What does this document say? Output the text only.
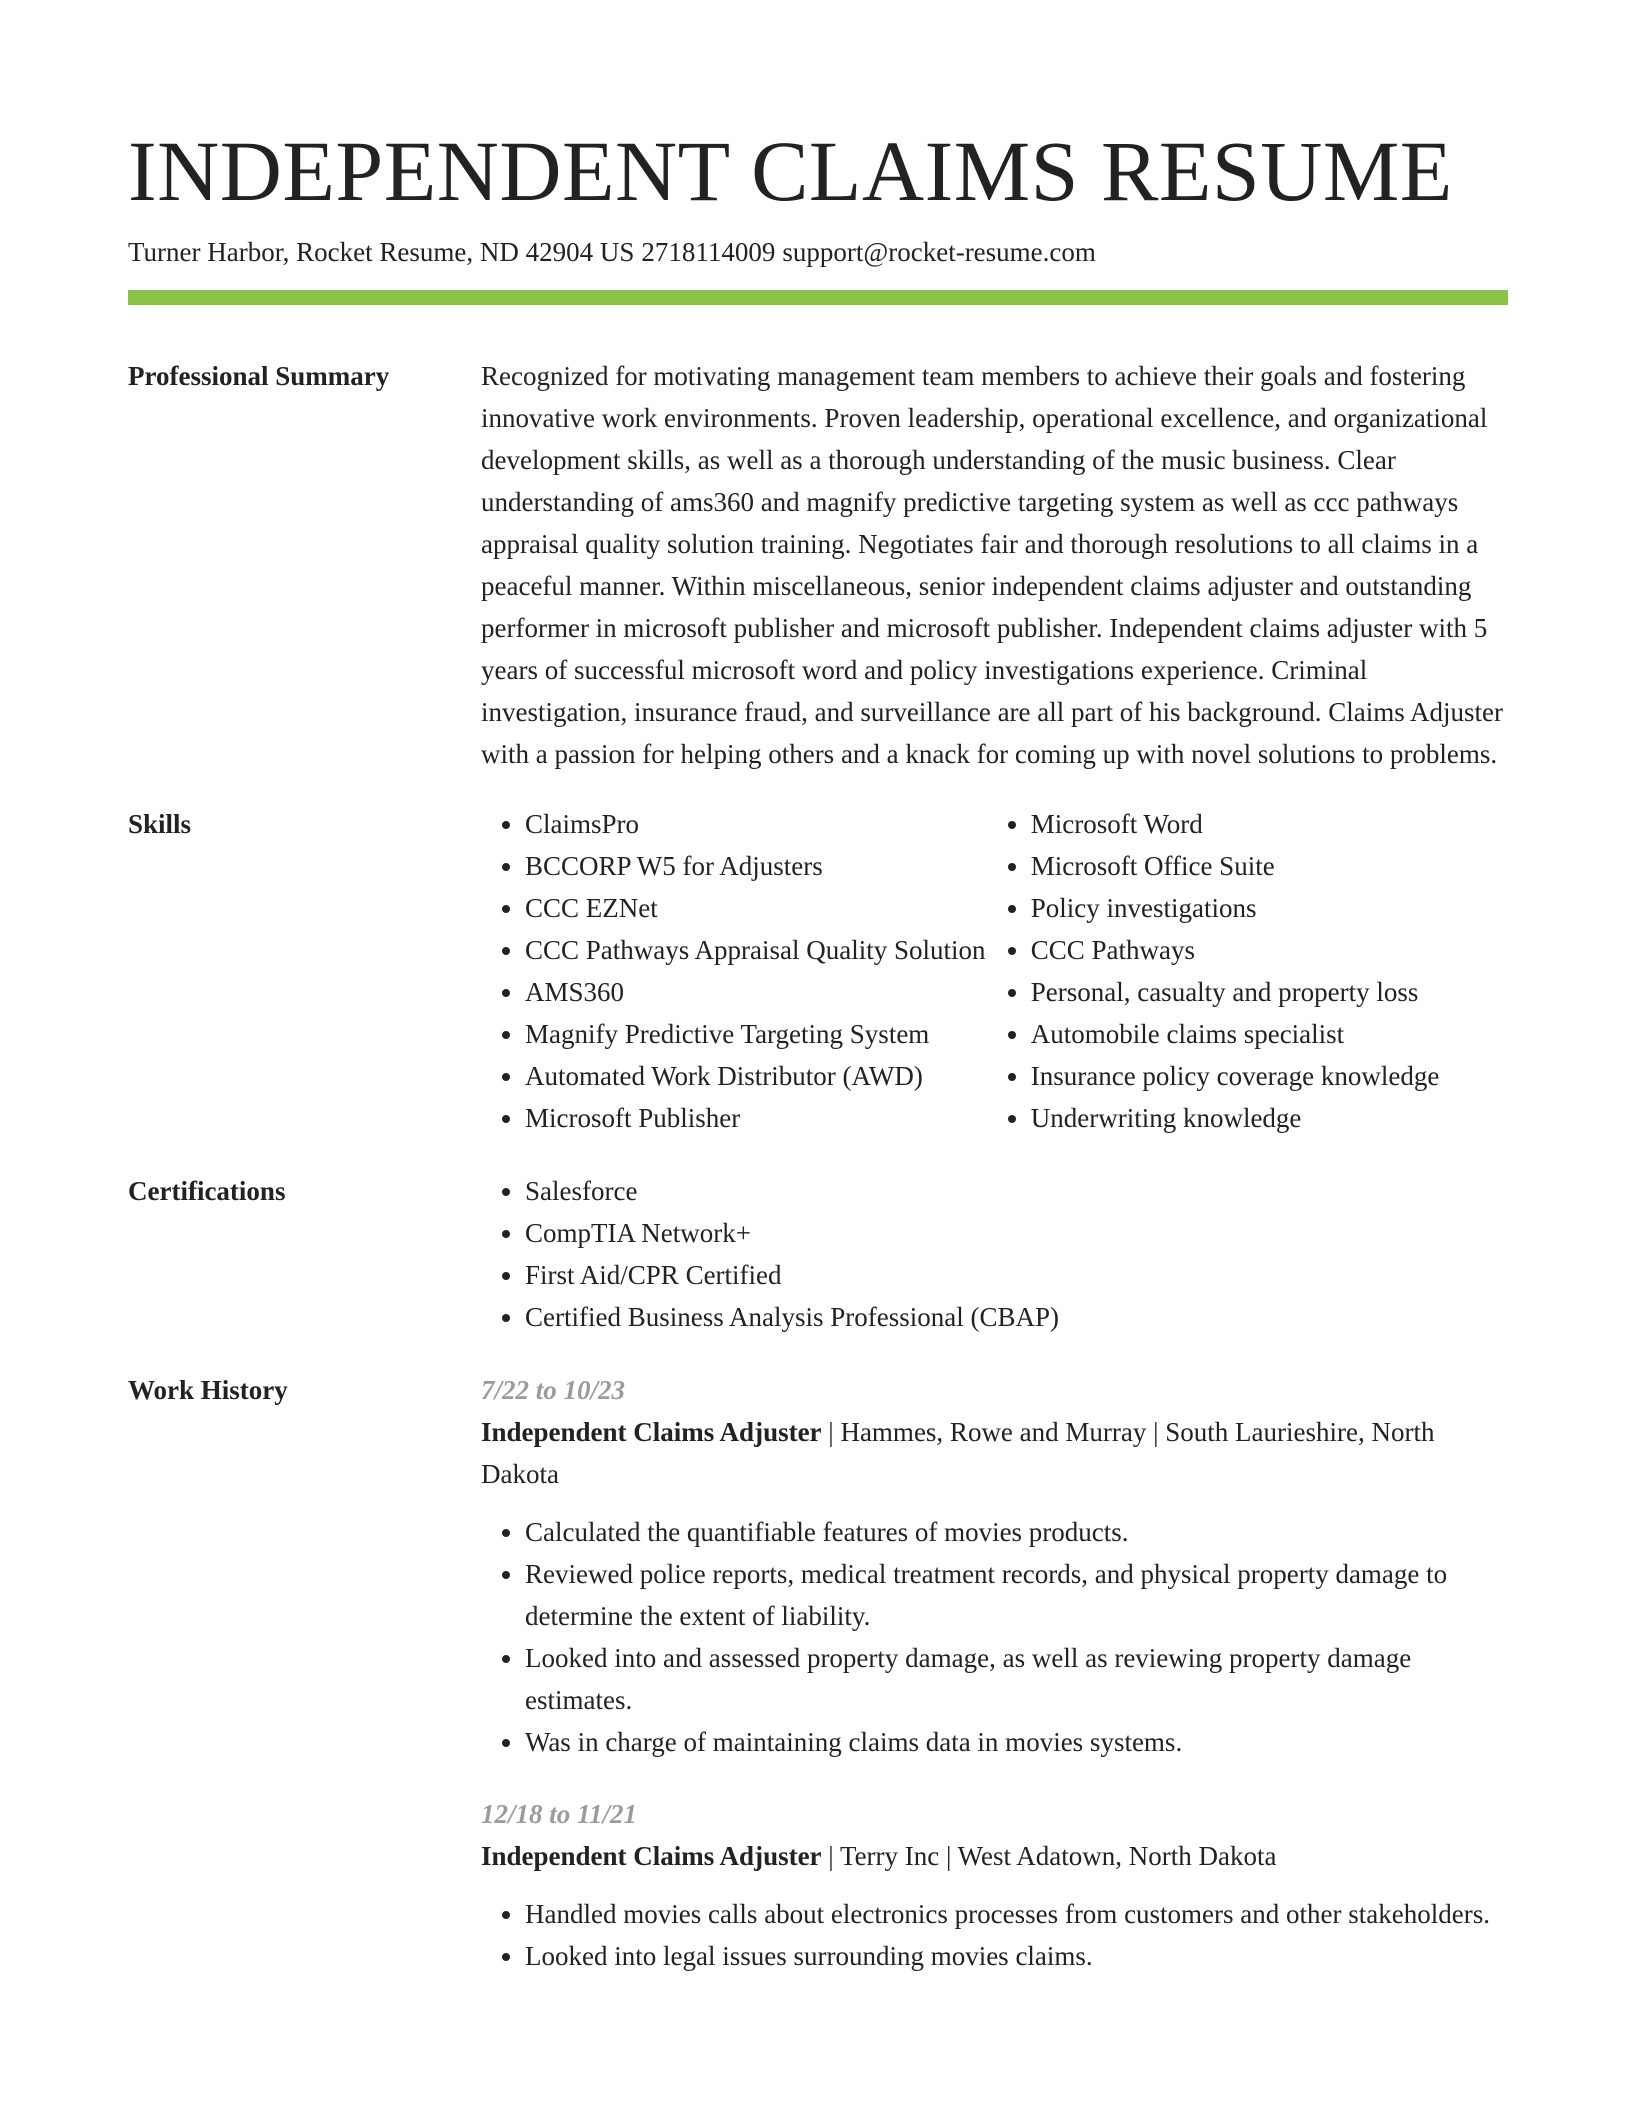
INDEPENDENT CLAIMS RESUME
Turner Harbor, Rocket Resume, ND 42904 US 2718114009 support@rocket-resume.com
Professional Summary	Recognized for motivating management team members to achieve their goals and fostering innovative work environments. Proven leadership, operational excellence, and organizational development skills, as well as a thorough understanding of the music business. Clear understanding of ams360 and magnify predictive targeting system as well as ccc pathways appraisal quality solution training. Negotiates fair and thorough resolutions to all claims in a peaceful manner. Within miscellaneous, senior independent claims adjuster and outstanding performer in microsoft publisher and microsoft publisher. Independent claims adjuster with 5 years of successful microsoft word and policy investigations experience. Criminal investigation, insurance fraud, and surveillance are all part of his background. Claims Adjuster with a passion for helping others and a knack for coming up with novel solutions to problems.

Skills	• ClaimsPro
• BCCORP W5 for Adjusters
• CCC EZNet
• CCC Pathways Appraisal Quality Solution
• AMS360
• Magnify Predictive Targeting System
• Automated Work Distributor (AWD)
• Microsoft Publisher
• Microsoft Word
• Microsoft Office Suite
• Policy investigations
• CCC Pathways
• Personal, casualty and property loss
• Automobile claims specialist
• Insurance policy coverage knowledge
• Underwriting knowledge
Certifications	• Salesforce
• CompTIA Network+
• First Aid/CPR Certified
• Certified Business Analysis Professional (CBAP)
Work History	7/22 to 10/23
Independent Claims Adjuster | Hammes, Rowe and Murray | South Laurieshire, North Dakota
• Calculated the quantifiable features of movies products.
• Reviewed police reports, medical treatment records, and physical property damage to determine the extent of liability.
• Looked into and assessed property damage, as well as reviewing property damage estimates.
• Was in charge of maintaining claims data in movies systems.
12/18 to 11/21
Independent Claims Adjuster | Terry Inc | West Adatown, North Dakota
• Handled movies calls about electronics processes from customers and other stakeholders.
• Looked into legal issues surrounding movies claims.
